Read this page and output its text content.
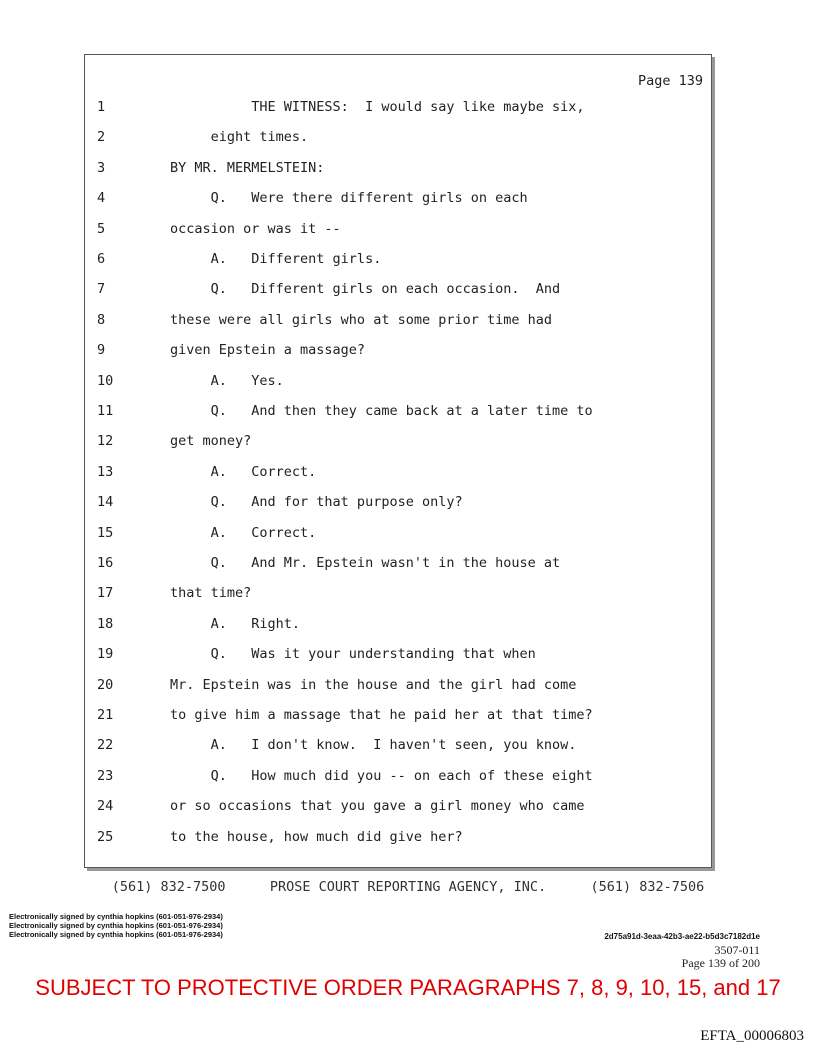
Page 139
1	THE WITNESS:  I would say like maybe six,
2	eight times.
3	BY MR. MERMELSTEIN:
4	Q.   Were there different girls on each
5	occasion or was it --
6	A.   Different girls.
7	Q.   Different girls on each occasion.  And
8	these were all girls who at some prior time had
9	given Epstein a massage?
10	A.   Yes.
11	Q.   And then they came back at a later time to
12	get money?
13	A.   Correct.
14	Q.   And for that purpose only?
15	A.   Correct.
16	Q.   And Mr. Epstein wasn't in the house at
17	that time?
18	A.   Right.
19	Q.   Was it your understanding that when
20	Mr. Epstein was in the house and the girl had come
21	to give him a massage that he paid her at that time?
22	A.   I don't know.  I haven't seen, you know.
23	Q.   How much did you -- on each of these eight
24	or so occasions that you gave a girl money who came
25	to the house, how much did give her?
(561) 832-7500	PROSE COURT REPORTING AGENCY, INC.	(561) 832-7506
Electronically signed by cynthia hopkins (601-051-976-2934)
Electronically signed by cynthia hopkins (601-051-976-2934)
Electronically signed by cynthia hopkins (601-051-976-2934)	2d75a91d-3eaa-42b3-ae22-b5d3c7182d1e
3507-011
Page 139 of 200
SUBJECT TO PROTECTIVE ORDER PARAGRAPHS 7, 8, 9, 10, 15, and 17
EFTA_00006803
